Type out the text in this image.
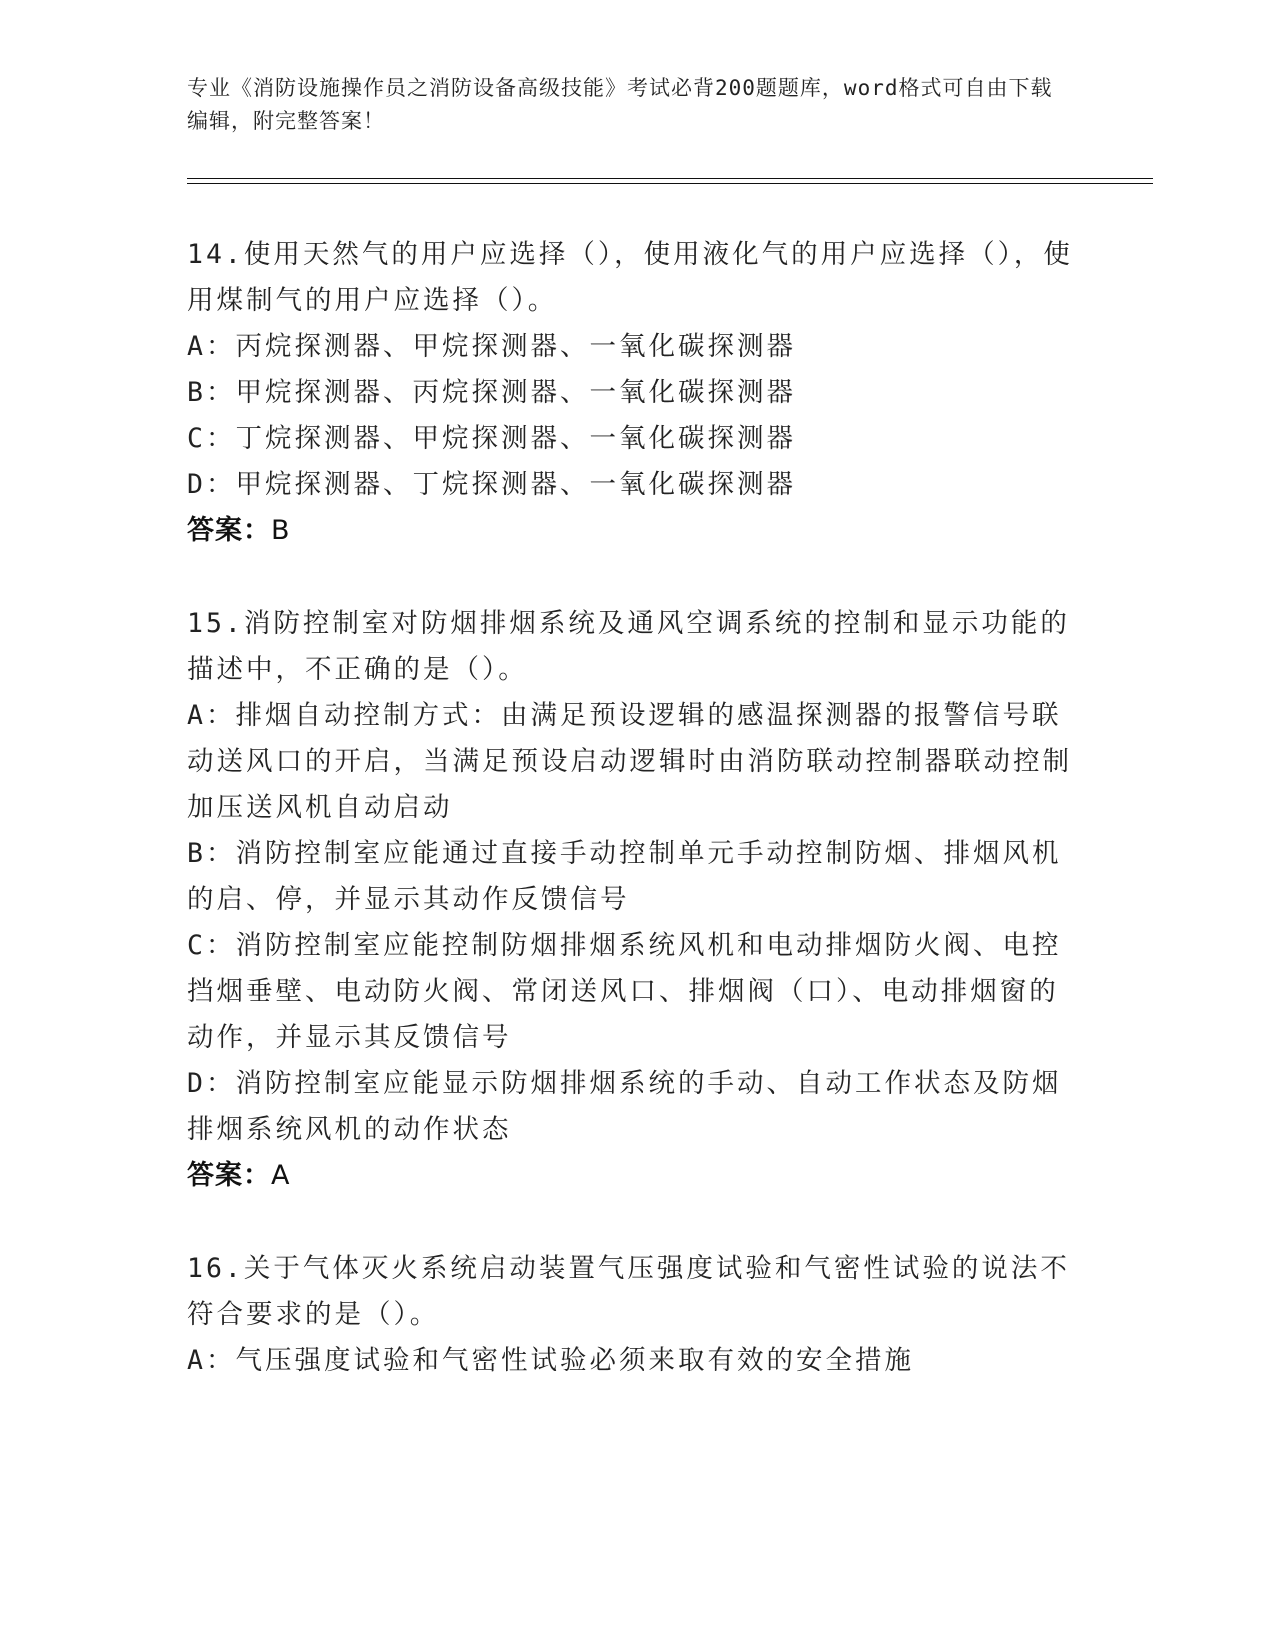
专业《消防设施操作员之消防设备高级技能》考试必背200题题库，word格式可自由下载编辑，附完整答案！

14.使用天然气的用户应选择（），使用液化气的用户应选择（），使用煤制气的用户应选择（）。

A：丙烷探测器、甲烷探测器、一氧化碳探测器

B：甲烷探测器、丙烷探测器、一氧化碳探测器

C：丁烷探测器、甲烷探测器、一氧化碳探测器

D：甲烷探测器、丁烷探测器、一氧化碳探测器

答案：B

15.消防控制室对防烟排烟系统及通风空调系统的控制和显示功能的描述中，不正确的是（）。

A：排烟自动控制方式：由满足预设逻辑的感温探测器的报警信号联动送风口的开启，当满足预设启动逻辑时由消防联动控制器联动控制加压送风机自动启动

B：消防控制室应能通过直接手动控制单元手动控制防烟、排烟风机的启、停，并显示其动作反馈信号

C：消防控制室应能控制防烟排烟系统风机和电动排烟防火阀、电控挡烟垂壁、电动防火阀、常闭送风口、排烟阀（口）、电动排烟窗的动作，并显示其反馈信号

D：消防控制室应能显示防烟排烟系统的手动、自动工作状态及防烟排烟系统风机的动作状态

答案：A

16.关于气体灭火系统启动装置气压强度试验和气密性试验的说法不符合要求的是（）。

A：气压强度试验和气密性试验必须来取有效的安全措施
